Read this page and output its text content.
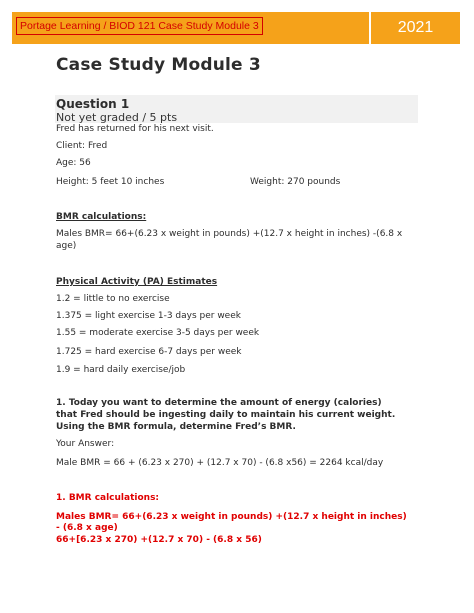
Portage Learning / BIOD 121 Case Study Module 3	2021
Case Study Module 3
Question 1
Not yet graded / 5 pts
Fred has returned for his next visit.
Client: Fred
Age: 56
Height: 5 feet 10 inches	Weight: 270 pounds
BMR calculations:
Males BMR= 66+(6.23 x weight in pounds) +(12.7 x height in inches) -(6.8 x
age)
Physical Activity (PA) Estimates
1.2 = little to no exercise
1.375 = light exercise 1-3 days per week
1.55 = moderate exercise 3-5 days per week
1.725 = hard exercise 6-7 days per week
1.9 = hard daily exercise/job
1. Today you want to determine the amount of energy (calories)
that Fred should be ingesting daily to maintain his current weight.
Using the BMR formula, determine Fred’s BMR.
Your Answer:
Male BMR = 66 + (6.23 x 270) + (12.7 x 70) - (6.8 x56) = 2264 kcal/day
1. BMR calculations:
Males BMR= 66+(6.23 x weight in pounds) +(12.7 x height in inches)
- (6.8 x age)
66+[6.23 x 270) +(12.7 x 70) - (6.8 x 56)
